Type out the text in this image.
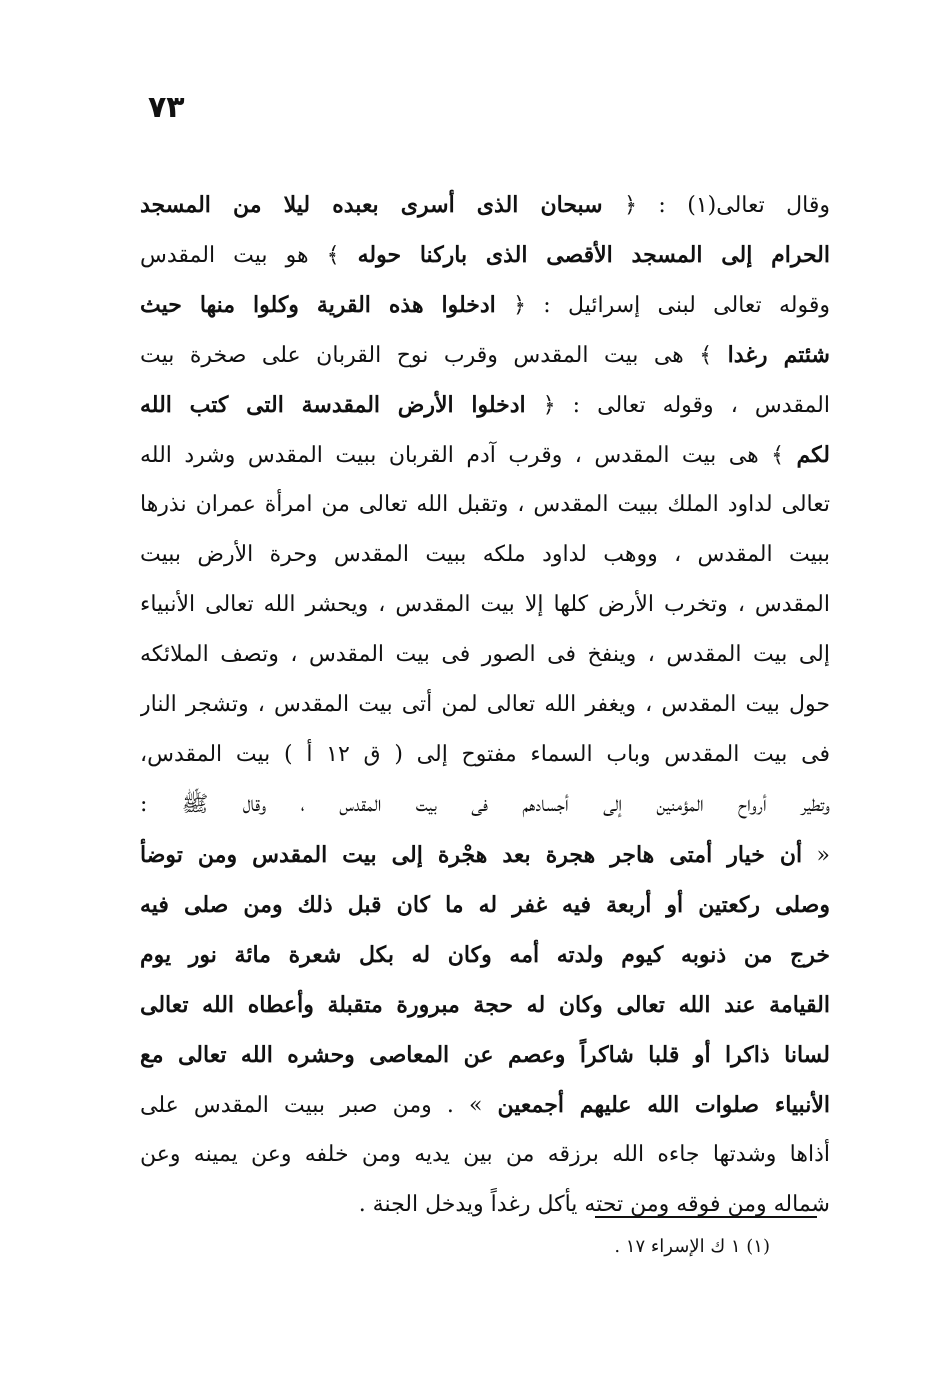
٧٣
وقال تعالى(١) : ﴿ سبحان الذى أسرى بعبده ليلا من المسجد
الحرام إلى المسجد الأقصى الذى باركنا حوله ﴾ هو بيت المقدس
وقوله تعالى لبنى إسرائيل : ﴿ ادخلوا هذه القرية وكلوا منها حيث
شئتم رغدا ﴾ هى بيت المقدس وقرب نوح القربان على صخرة بيت
المقدس ، وقوله تعالى : ﴿ ادخلوا الأرض المقدسة التى كتب الله
لكم ﴾ هى بيت المقدس ، وقرب آدم القربان ببيت المقدس وشرد الله
تعالى لداود الملك ببيت المقدس ، وتقبل الله تعالى من امرأة عمران نذرها
ببيت المقدس ، ووهب لداود ملكه ببيت المقدس وحرة الأرض ببيت
المقدس ، وتخرب الأرض كلها إلا بيت المقدس ، ويحشر الله تعالى الأنبياء
إلى بيت المقدس ، وينفخ فى الصور فى بيت المقدس ، وتصف الملائكه
حول بيت المقدس ، ويغفر الله تعالى لمن أتى بيت المقدس ، وتشجر النار
فى بيت المقدس وباب السماء مفتوح إلى ( ق ١٢ أ ) بيت المقدس،
وتطير أرواح المؤمنين إلى أجسادهم فى بيت المقدس ، وقال ﷺ :
« أن خيار أمتى هاجر هجرة بعد هجْرة إلى بيت المقدس ومن توضأ
وصلى ركعتين أو أربعة فيه غفر له ما كان قبل ذلك ومن صلى فيه
خرج من ذنوبه كيوم ولدته أمه وكان له بكل شعرة مائة نور يوم
القيامة عند الله تعالى وكان له حجة مبرورة متقبلة وأعطاه الله تعالى
لسانا ذاكرا أو قلبا شاكراً وعصم عن المعاصى وحشره الله تعالى مع
الأنبياء صلوات الله عليهم أجمعين » . ومن صبر ببيت المقدس على
أذاها وشدتها جاءه الله برزقه من بين يديه ومن خلفه وعن يمينه وعن
شماله ومن فوقه ومن تحته يأكل رغداً ويدخل الجنة .
(١) ١ ك الإسراء ١٧ .
